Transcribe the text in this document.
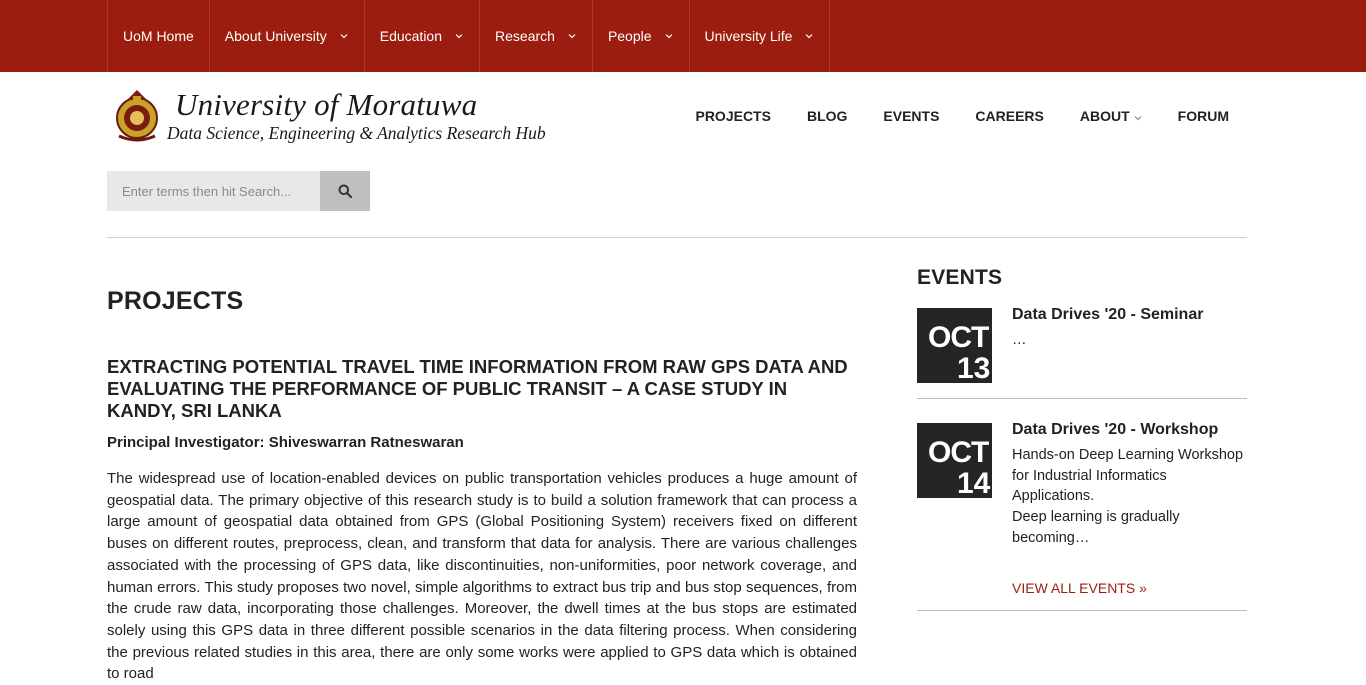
UoM Home About University	Education	Research	People	University Life
University of Moratuwa
Data Science, Engineering & Analytics Research Hub
PROJECTS	BLOG	EVENTS	CAREERS	ABOUT	FORUM
Enter terms then hit Search...
PROJECTS
EXTRACTING POTENTIAL TRAVEL TIME INFORMATION FROM RAW GPS DATA AND EVALUATING THE PERFORMANCE OF PUBLIC TRANSIT – A CASE STUDY IN KANDY, SRI LANKA
Principal Investigator: Shiveswarran Ratneswaran

The widespread use of location-enabled devices on public transportation vehicles produces a huge amount of geospatial data. The primary objective of this research study is to build a solution framework that can process a large amount of geospatial data obtained from GPS (Global Positioning System) receivers fixed on different buses on different routes, preprocess, clean, and transform that data for analysis. There are various challenges associated with the processing of GPS data, like discontinuities, non-uniformities, poor network coverage, and human errors. This study proposes two novel, simple algorithms to extract bus trip and bus stop sequences, from the crude raw data, incorporating those challenges. Moreover, the dwell times at the bus stops are estimated solely using this GPS data in three different possible scenarios in the data filtering process. When considering the previous related studies in this area, there are only some works were applied to GPS data which is obtained to road

EVENTS
OCT
13
Data Drives '20 - Seminar
…
OCT
14
Data Drives '20 - Workshop
Hands-on Deep Learning Workshop for Industrial Informatics Applications.
Deep learning is gradually becoming…
VIEW ALL EVENTS »
